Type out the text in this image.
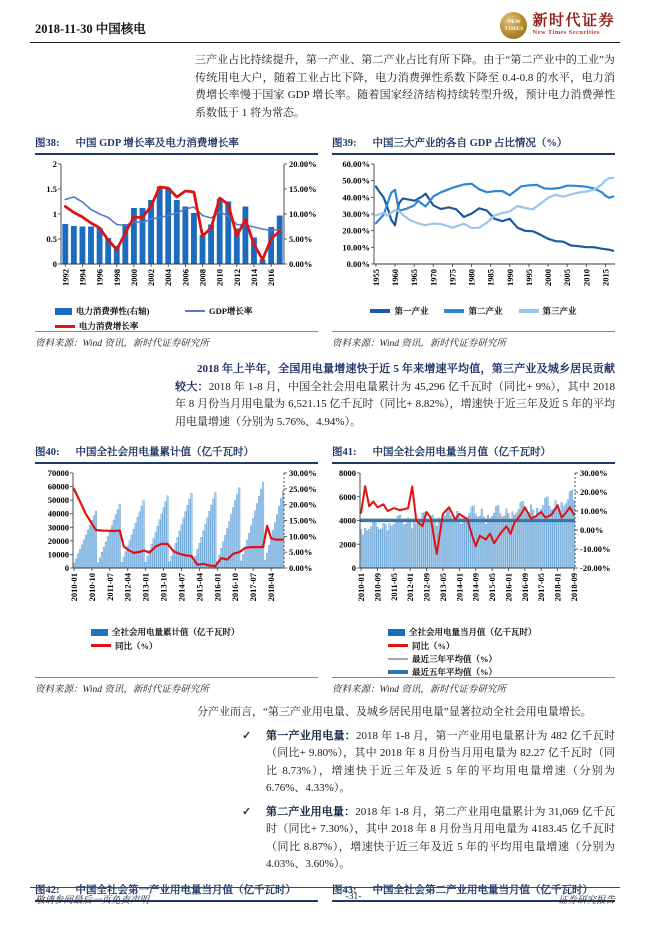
2018-11-30 中国核电	NEW TIMES 新时代证券
New Times Securities

三产业占比持续提升，第一产业、第二产业占比有所下降。由于“第二产业中的工业”为传统用电大户，随着工业占比下降，电力消费弹性系数下降至 0.4-0.8 的水平，电力消费增长率慢于国家 GDP 增长率。随着国家经济结构持续转型升级，预计电力消费弹性系数低于 1 将为常态。

图38: 中国 GDP 增长率及电力消费增长率
0
0.5
1
1.5
2
0.00%
5.00%
10.00%
15.00%
20.00%
1992 1994 1996 1998 2000 2002 2004 2006 2008 2010 2012 2014 2016
电力消费弹性(右轴)	GDP增长率
电力消费增长率
资料来源：Wind 资讯，新时代证券研究所
图39: 中国三大产业的各自 GDP 占比情况（%）
0.00%
10.00%
20.00%
30.00%
40.00%
50.00%
60.00%
1955 1960 1965 1970 1975 1980 1985 1990 1995 2000 2005 2010 2015
第一产业	第二产业	第三产业
资料来源：Wind 资讯，新时代证券研究所

2018 年上半年，全国用电量增速快于近 5 年来增速平均值，第三产业及城乡居民贡献较大：2018 年 1-8 月，中国全社会用电量累计为 45,296 亿千瓦时（同比+ 9%），其中 2018 年 8 月份当月用电量为 6,521.15 亿千瓦时（同比+ 8.82%），增速快于近三年及近 5 年的平均用电量增速（分别为 5.76%、4.94%）。

图40: 中国全社会用电量累计值（亿千瓦时）
0
10000
20000
30000
40000
50000
60000
70000
0.00%
5.00%
10.00%
15.00%
20.00%
25.00%
30.00%
2010-01 2010-10 2011-07 2012-04 2013-01 2013-10 2014-07 2015-04 2016-01 2016-10 2017-07 2018-04
全社会用电量累计值（亿千瓦时）
同比（%）
资料来源：Wind 资讯，新时代证券研究所
图41: 中国全社会用电量当月值（亿千瓦时）
0
2000
4000
6000
8000
-20.00%
-10.00%
0.00%
10.00%
20.00%
30.00%
2010-01 2010-09 2011-05 2012-01 2012-09 2013-05 2014-01 2014-09 2015-05 2016-01 2016-09 2017-05 2018-01 2018-09
全社会用电量当月值（亿千瓦时）
同比（%）
最近三年平均值（%）
最近五年平均值（%）
资料来源：Wind 资讯，新时代证券研究所

分产业而言，“第三产业用电量、及城乡居民用电量”显著拉动全社会用电量增长。

✓ 第一产业用电量：2018 年 1-8 月，第一产业用电量累计为 482 亿千瓦时（同比+ 9.80%），其中 2018 年 8 月份当月用电量为 82.27 亿千瓦时（同比 8.73%），增速快于近三年及近 5 年的平均用电量增速（分别为 6.76%、4.33%）。
✓ 第二产业用电量：2018 年 1-8 月，第二产业用电量累计为 31,069 亿千瓦时（同比+ 7.30%），其中 2018 年 8 月份当月用电量为 4183.45 亿千瓦时（同比 8.87%），增速快于近三年及近 5 年的平均用电量增速（分别为 4.03%、3.60%）。
图42: 中国全社会第一产业用电量当月值（亿千瓦时）	图43: 中国全社会第二产业用电量当月值（亿千瓦时）
敬请参阅最后一页免责声明	-31-	证券研究报告
